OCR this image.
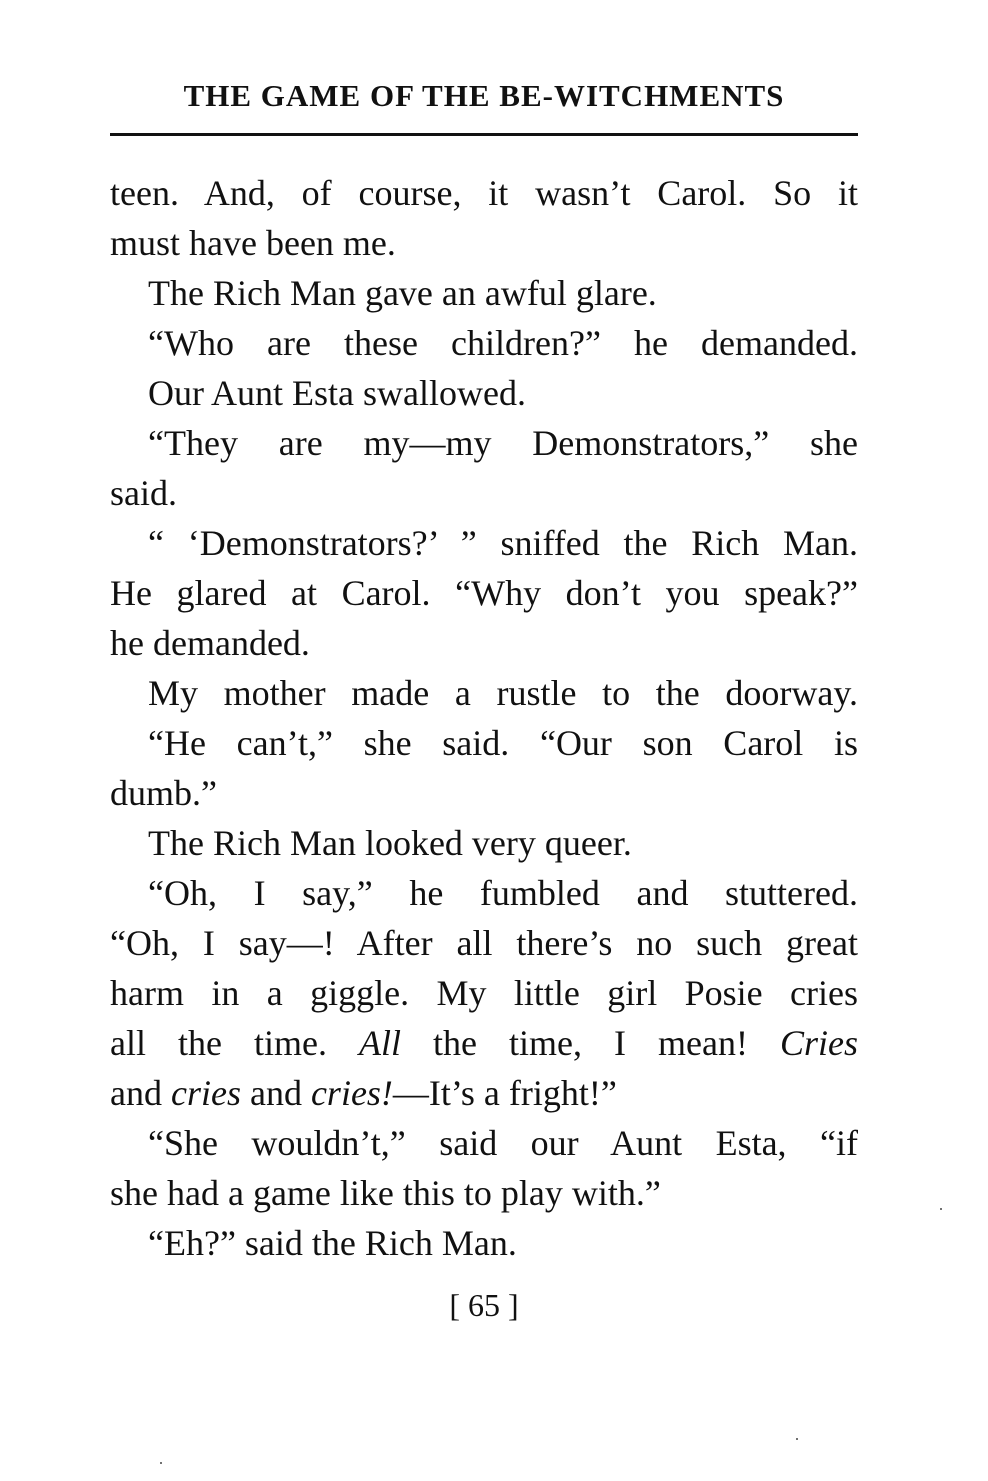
THE GAME OF THE BE-WITCHMENTS
teen. And, of course, it wasn’t Carol. So it
must have been me.
The Rich Man gave an awful glare.
“Who are these children?” he demanded.
Our Aunt Esta swallowed.
“They are my—my Demonstrators,” she
said.
“ ‘Demonstrators?’ ” sniffed the Rich Man.
He glared at Carol. “Why don’t you speak?”
he demanded.
My mother made a rustle to the doorway.
“He can’t,” she said. “Our son Carol is
dumb.”
The Rich Man looked very queer.
“Oh, I say,” he fumbled and stuttered.
“Oh, I say—! After all there’s no such great
harm in a giggle. My little girl Posie cries
all the time. All the time, I mean! Cries
and cries and cries!—It’s a fright!”
“She wouldn’t,” said our Aunt Esta, “if
she had a game like this to play with.”
“Eh?” said the Rich Man.
[ 65 ]
